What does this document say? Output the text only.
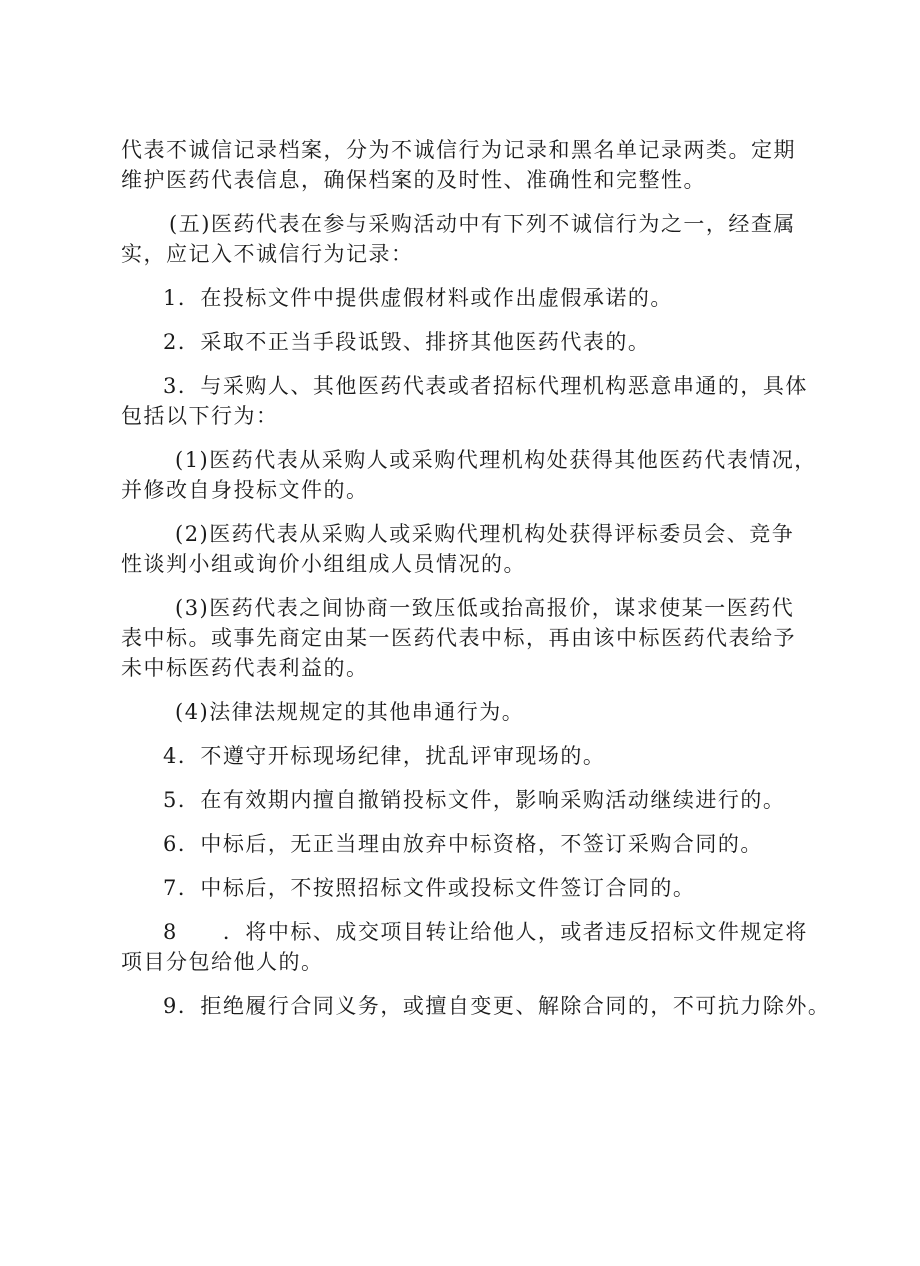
代表不诚信记录档案，分为不诚信行为记录和黑名单记录两类。定期
维护医药代表信息，确保档案的及时性、准确性和完整性。
(五)医药代表在参与采购活动中有下列不诚信行为之一，经查属
实，应记入不诚信行为记录：
1．在投标文件中提供虚假材料或作出虚假承诺的。
2．采取不正当手段诋毁、排挤其他医药代表的。
3．与采购人、其他医药代表或者招标代理机构恶意串通的，具体
包括以下行为：
(1)医药代表从采购人或采购代理机构处获得其他医药代表情况，
并修改自身投标文件的。
(2)医药代表从采购人或采购代理机构处获得评标委员会、竞争
性谈判小组或询价小组组成人员情况的。
(3)医药代表之间协商一致压低或抬高报价，谋求使某一医药代
表中标。或事先商定由某一医药代表中标，再由该中标医药代表给予
未中标医药代表利益的。
(4)法律法规规定的其他串通行为。
4．不遵守开标现场纪律，扰乱评审现场的。
5．在有效期内擅自撤销投标文件，影响采购活动继续进行的。
6．中标后，无正当理由放弃中标资格，不签订采购合同的。
7．中标后，不按照招标文件或投标文件签订合同的。
8　　．将中标、成交项目转让给他人，或者违反招标文件规定将
项目分包给他人的。
9．拒绝履行合同义务，或擅自变更、解除合同的，不可抗力除外。
